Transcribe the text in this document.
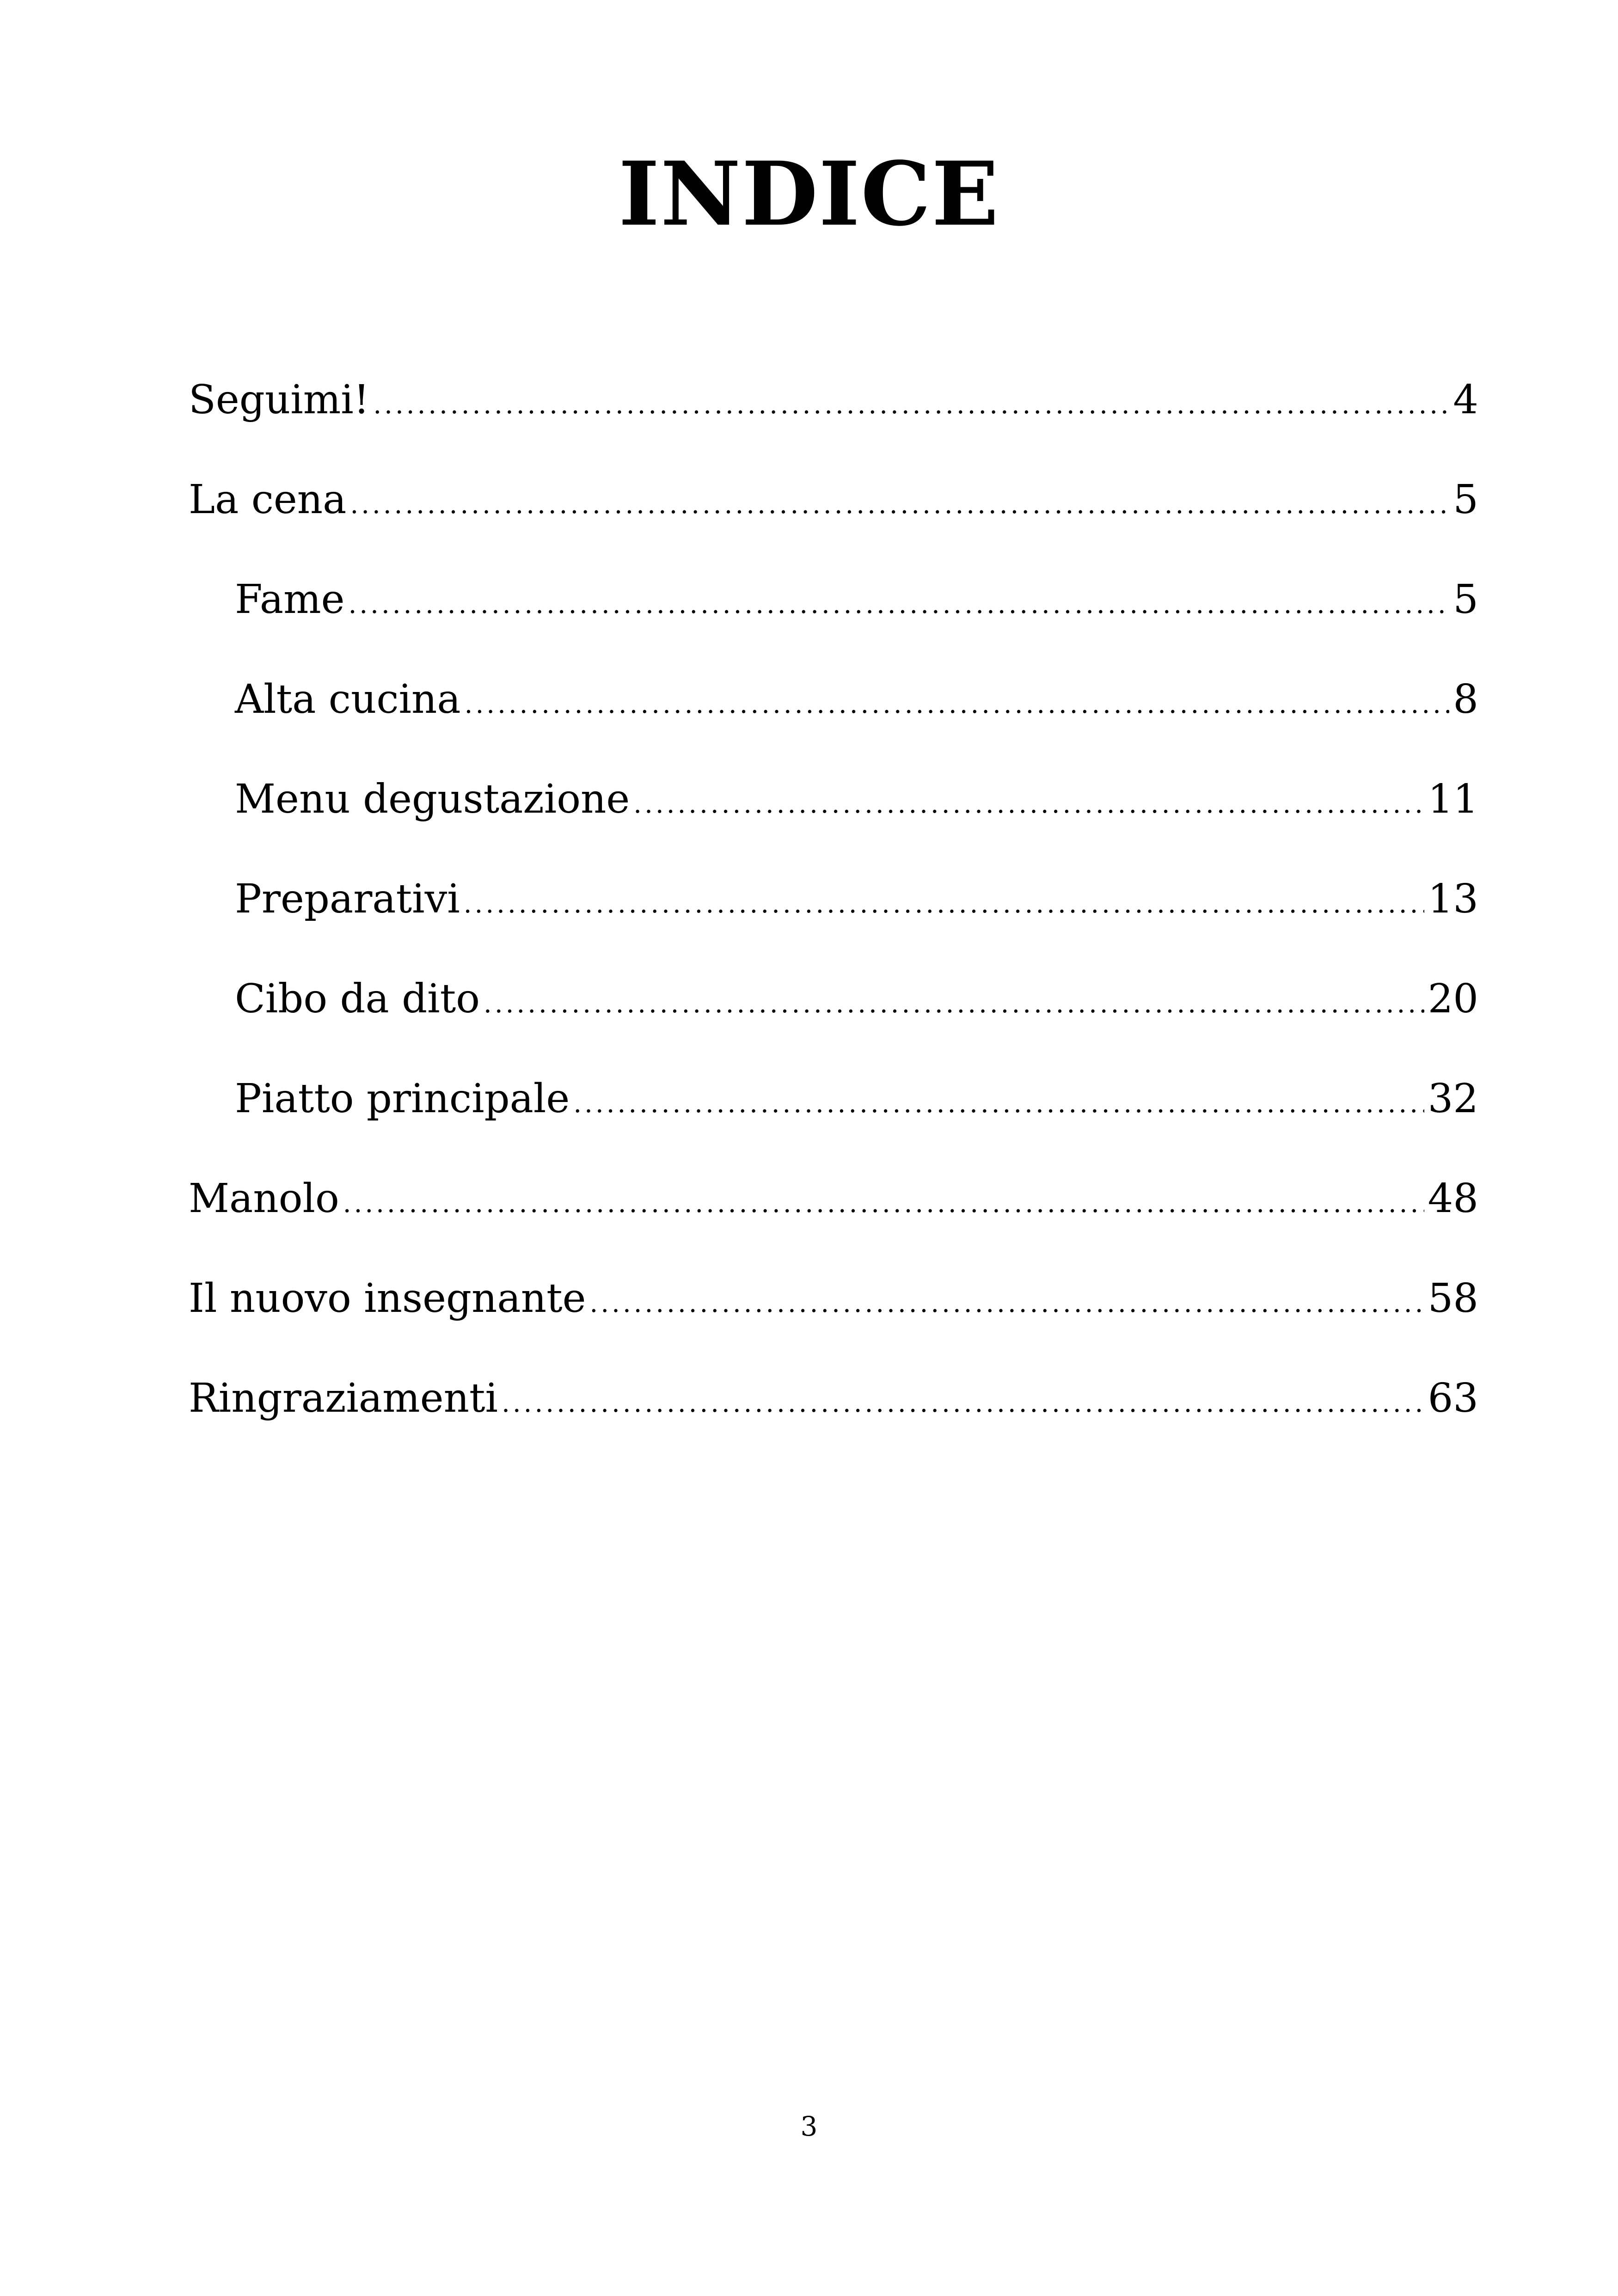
INDICE
Seguimi! .....	4
La cena .....	5
Fame .....	5
Alta cucina .....	8
Menu degustazione .....	11
Preparativi .....	13
Cibo da dito .....	20
Piatto principale .....	32
Manolo .....	48
Il nuovo insegnante .....	58
Ringraziamenti .....	63
3
